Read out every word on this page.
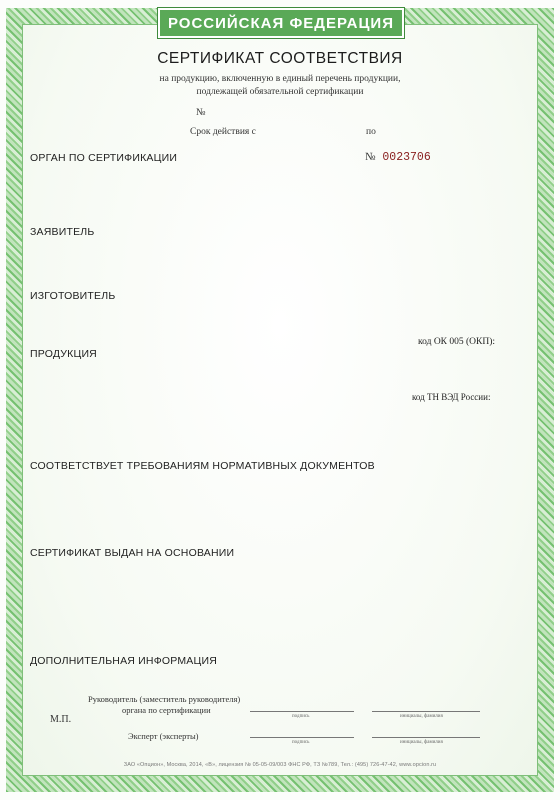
РОССИЙСКАЯ ФЕДЕРАЦИЯ
СЕРТИФИКАТ СООТВЕТСТВИЯ
на продукцию, включенную в единый перечень продукции,
подлежащей обязательной сертификации
№
Срок действия с	по
ОРГАН ПО СЕРТИФИКАЦИИ	№ 0023706
ЗАЯВИТЕЛЬ
ИЗГОТОВИТЕЛЬ
код ОК 005 (ОКП):
ПРОДУКЦИЯ
код ТН ВЭД России:
СООТВЕТСТВУЕТ ТРЕБОВАНИЯМ НОРМАТИВНЫХ ДОКУМЕНТОВ
СЕРТИФИКАТ ВЫДАН НА ОСНОВАНИИ
ДОПОЛНИТЕЛЬНАЯ ИНФОРМАЦИЯ
Руководитель (заместитель руководителя)
органа по сертификации
М.П.	подпись	инициалы, фамилия
Эксперт (эксперты)
подпись	инициалы, фамилия
ЗАО «Опцион», Москва, 2014, «В», лицензия № 05-05-09/003 ФНС РФ, ТЗ №789, Тел.: (495) 726-47-42, www.opcion.ru
